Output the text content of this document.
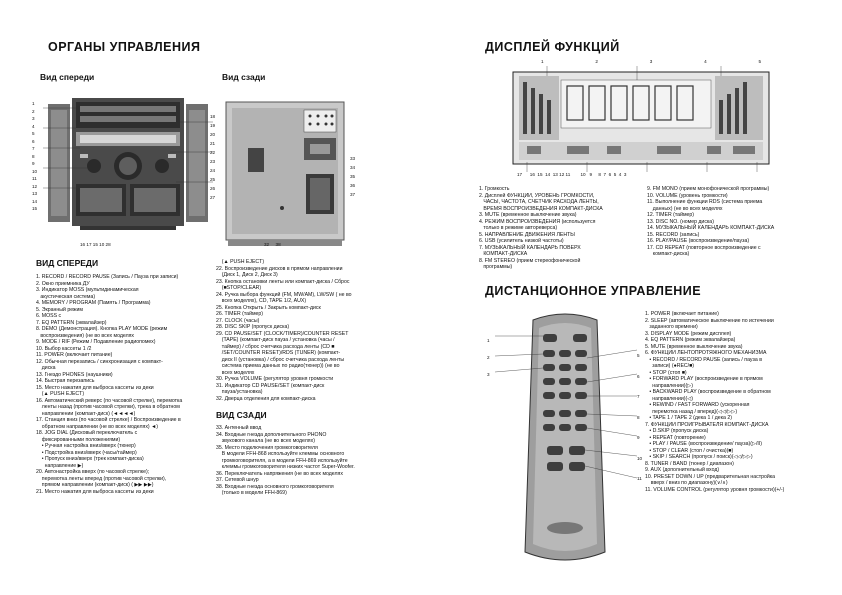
ОРГАНЫ УПРАВЛЕНИЯ
Вид спереди	Вид сзади
1
2
3
4
5
6
7
8
9
10
11
12
13
14
15
18
19
20
21
22
23
24
25
26
27
16 17 15 10 28
33
34
35
36
37
32 38
ВИД СПЕРЕДИ
1. RECORD / RECORD PAUSE (Запись / Пауза при записи)
2. Окно приемника ДУ
3. Индикатор MOSS (мультидинамическая
акустическая система)
4. MEMORY / PROGRAM (Память / Программа)
5. Экранный режим
6. MOSS с
7. EQ PATTERN (эквалайзер)
8. DEMO (Демонстрация). Кнопка PLAY MODE (режим
воспроизведения) (не во всех моделях
9. MODE / RIF (Режим / Подавление радиопомех)
10. Выбор кассеты 1 /2
11. POWER (включает питание)
12. Обычная перезапись / синхронизация с компакт-
диска
13. Гнездо PHONES (наушники)
14. Быстрая перезапись
15. Место нажатия для выброса кассеты из деки
(▲ PUSH EJECT)
16. Автоматический реверс (по часовой стрелке), перемотка
ленты назад (против часовой стрелки), трека в обратном
направлении (компакт-диск) (◄◄◄◄)
17. Станция вниз (по часовой стрелке) / Воспроизведение в
обратном направлении (не во всех моделях) ◄)
18. JOG DIAL (Дисковый переключатель с
фиксированными положениями)
• Ручная настройка вниз/вверх (тюнер)
• Подстройка вниз/вверх (часы/таймер)
• Пропуск вниз/вверх (трек компакт-диска)
направление ▶)
20. Автонастройка вверх (по часовой стрелке);
перемотка ленты вперед (против часовой стрелки),
прямом направлении (компакт-диск) ( ▶▶ ▶▶)
21. Место нажатия для выброса кассеты из деки
(▲ PUSH EJECT)
22. Воспроизведение дисков в прямом направлении
(Диск 1, Диск 2, Диск 3)
23. Кнопка остановки ленты или компакт-диска / Сброс
(■STOP/CLEAR)
24. Ручка выбора функций (FM, MW/AM), LW/SW ( не во
всех моделях), CD, TAPE 1/2, AUX)
25. Кнопка Открыть / Закрыть компакт-диск
26. TIMER (таймер)
27. CLOCK (часы)
28. DISC SKIP (пропуск диска)
29. CD PAUSE/SET (CLOCK/TIMER)/COUNTER RESET
(TAPE) (компакт-диск пауза / установка (часы /
таймер) / сброс счетчика расхода ленты (CD ■
/SET/COUNTER RESET)/RDS (TUNER) (компакт-
диск II (установка) / сброс счетчика расхода ленты
система приема данных по радио(тюнер)) (не во
всех моделях
30. Ручка VOLUME (регулятор уровня громкости
31. Индикатор CD PAUSE/SET (компакт-диск
пауза/установка)
32. Дверца отделения для компакт-диска
ВИД СЗАДИ
33. Антенный ввод
34. Входные гнезда дополнительного PHONO
звукового канала (не во всех моделях)
35. Место подключения громкоговорителя
В модели FFH-868 используйте клеммы основного
громкоговорителя, а в модели FFH-869 используйте
клеммы громкоговорителя низких частот Super-Woofer.
36. Переключатель напряжения (не во всех моделях
37. Сетевой шнур
38. Входные гнезда основного громкоговорителя
(только в модели FFH-869)
ДИСПЛЕЙ ФУНКЦИЙ
1	2	3	4	5
17      16  15  14  13 12 11        10   9     8  7  6  5  4  3
1. Громкость
2. Дисплей ФУНКЦИИ, УРОВЕНЬ ГРОМКОСТИ,
ЧАСЫ, ЧАСТОТА, СЧЕТЧИК РАСХОДА ЛЕНТЫ,
ВРЕМЯ ВОСПРОИЗВЕДЕНИЯ КОМПАКТ-ДИСКА
3. MUTE (временное выключение звука)
4. РЕЖИМ ВОСПРОИЗВЕДЕНИЯ (используется
только в режиме автореверса)
5. НАПРАВЛЕНИЕ ДВИЖЕНИЯ ЛЕНТЫ
6. USB (усилитель низкой частоты)
7. МУЗЫКАЛЬНЫЙ КАЛЕНДАРЬ ПОВЕРХ
КОМПАКТ-ДИСКА
8. FM STEREO (прием стереофонической
программы)
9. FM MONO (прием монофонической программы)
10. VOLUME (уровень громкости)
11. Выполнение функции RDS (система приема
данных) (не во всех моделях
12. TIMER (таймер)
13. DISC NO. (номер диска)
14. МУЗЫКАЛЬНЫЙ КАЛЕНДАРЬ КОМПАКТ-ДИСКА
15. RECORD (запись)
16. PLAY/PAUSE (воспроизведение/пауза)
17. CD REPEAT (повторное воспроизведение с
компакт-диска)
ДИСТАНЦИОННОЕ УПРАВЛЕНИЕ
1
2
3
5
6
7
8
9
10
11
1. POWER (включает питание)
2. SLEEP (автоматическое выключение по истечении
заданного времени)
3. DISPLAY MODE (режим дисплея)
4. EQ PATTERN (режим эквалайзера)
5. MUTE (временное выключение звука)
6. ФУНКЦИИ ЛЕНТОПРОТЯЖНОГО МЕХАНИЗМА
• RECORD / RECORD PAUSE (запись / пауза в
записи) (●REC/■)
• STOP (стоп ■)
• FORWARD PLAY (воспроизведение в прямом
направлении)(▷)
• BACKWARD PLAY (воспроизведение в обратном
направлении)(◁)
• REWIND / FAST FORWARD (ускоренная
перемотка назад / вперед)(◁◁/▷▷)
• TAPE 1 / TAPE 2 (дека 1 / дека 2)
7. ФУНКЦИИ ПРОИГРЫВАТЕЛЯ КОМПАКТ-ДИСКА
• D.SKIP (пропуск диска)
• REPEAT (повторение)
• PLAY / PAUSE (воспроизведение/ пауза)(▷/II)
• STOP / CLEAR (стоп / очистка)(■)
• SKIP / SEARCH (пропуск / поиск)(◁◁/▷▷)
8. TUNER / BAND (тюнер / диапазон)
9. AUX (дополнительный вход)
10. PRESET DOWN / UP (предварительная настройка
вверх / вниз по диапазону)(∨/∧)
11. VOLUME CONTROL (регулятор уровня громкости)(+/-)
